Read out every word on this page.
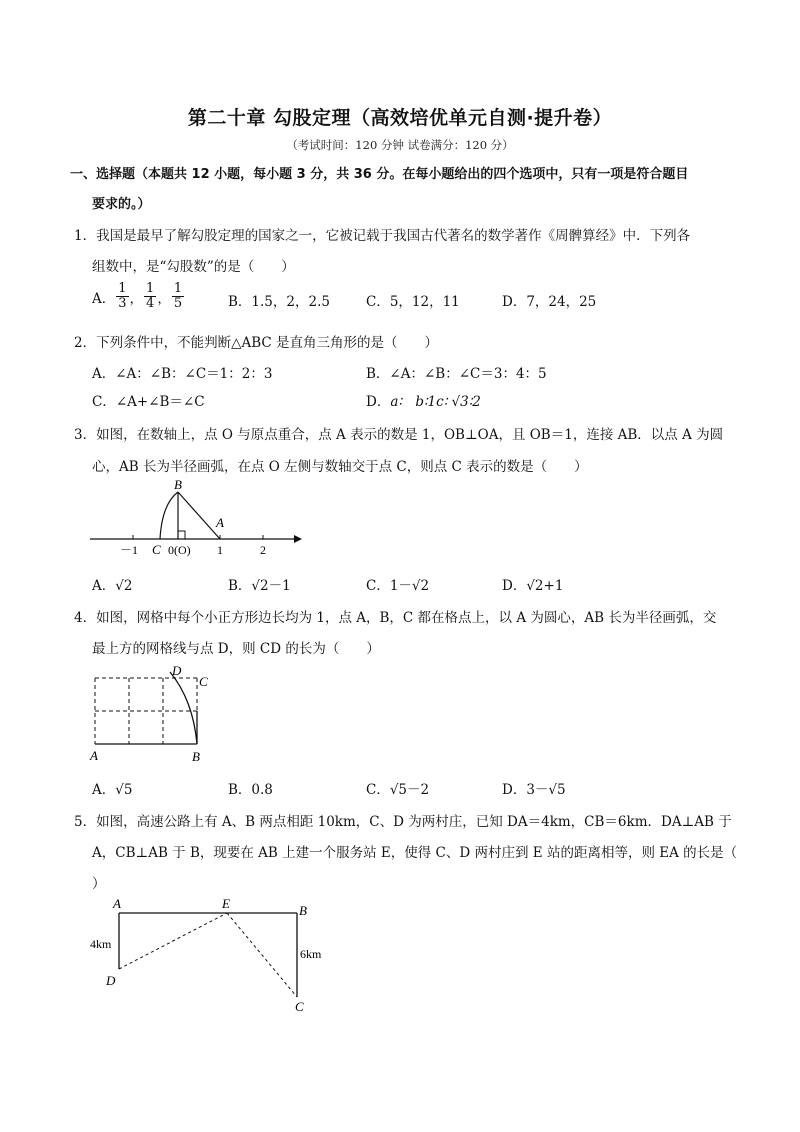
第二十章 勾股定理（高效培优单元自测·提升卷）
（考试时间：120 分钟 试卷满分：120 分）
一、选择题（本题共 12 小题，每小题 3 分，共 36 分。在每小题给出的四个选项中，只有一项是符合题目
要求的。）
1．我国是最早了解勾股定理的国家之一，它被记载于我国古代著名的数学著作《周髀算经》中．下列各
组数中，是“勾股数”的是（　　）
A． $\frac{1}{3}$ ， $\frac{1}{4}$ ， $\frac{1}{5}$	B．1.5，2，2.5	C．5，12，11	D．7，24，25
2．下列条件中，不能判断△ABC 是直角三角形的是（　　）
A．∠A：∠B：∠C＝1：2：3	B．∠A：∠B：∠C＝3：4：5
C．∠A+∠B＝∠C	D．a∶　b∶1c∶ √3∶2
3．如图，在数轴上，点 O 与原点重合，点 A 表示的数是 1，OB⊥OA，且 OB＝1，连接 AB．以点 A 为圆
心，AB 长为半径画弧，在点 O 左侧与数轴交于点 C，则点 C 表示的数是（　　）
B
A
－1 C 0(O) 1	2
A．√2	B．√2－1	C．1－√2	D．√2+1
4．如图，网格中每个小正方形边长均为 1，点 A，B，C 都在格点上，以 A 为圆心，AB 长为半径画弧，交
最上方的网格线与点 D，则 CD 的长为（　　）
D
C
A	B
A．√5	B．0.8	C．√5－2	D．3－√5
5．如图，高速公路上有 A、B 两点相距 10km，C、D 为两村庄，已知 DA＝4km，CB＝6km．DA⊥AB 于
A，CB⊥AB 于 B，现要在 AB 上建一个服务站 E，使得 C、D 两村庄到 E 站的距离相等，则 EA 的长是（
）
A	E	B
D
C
4km
6km
